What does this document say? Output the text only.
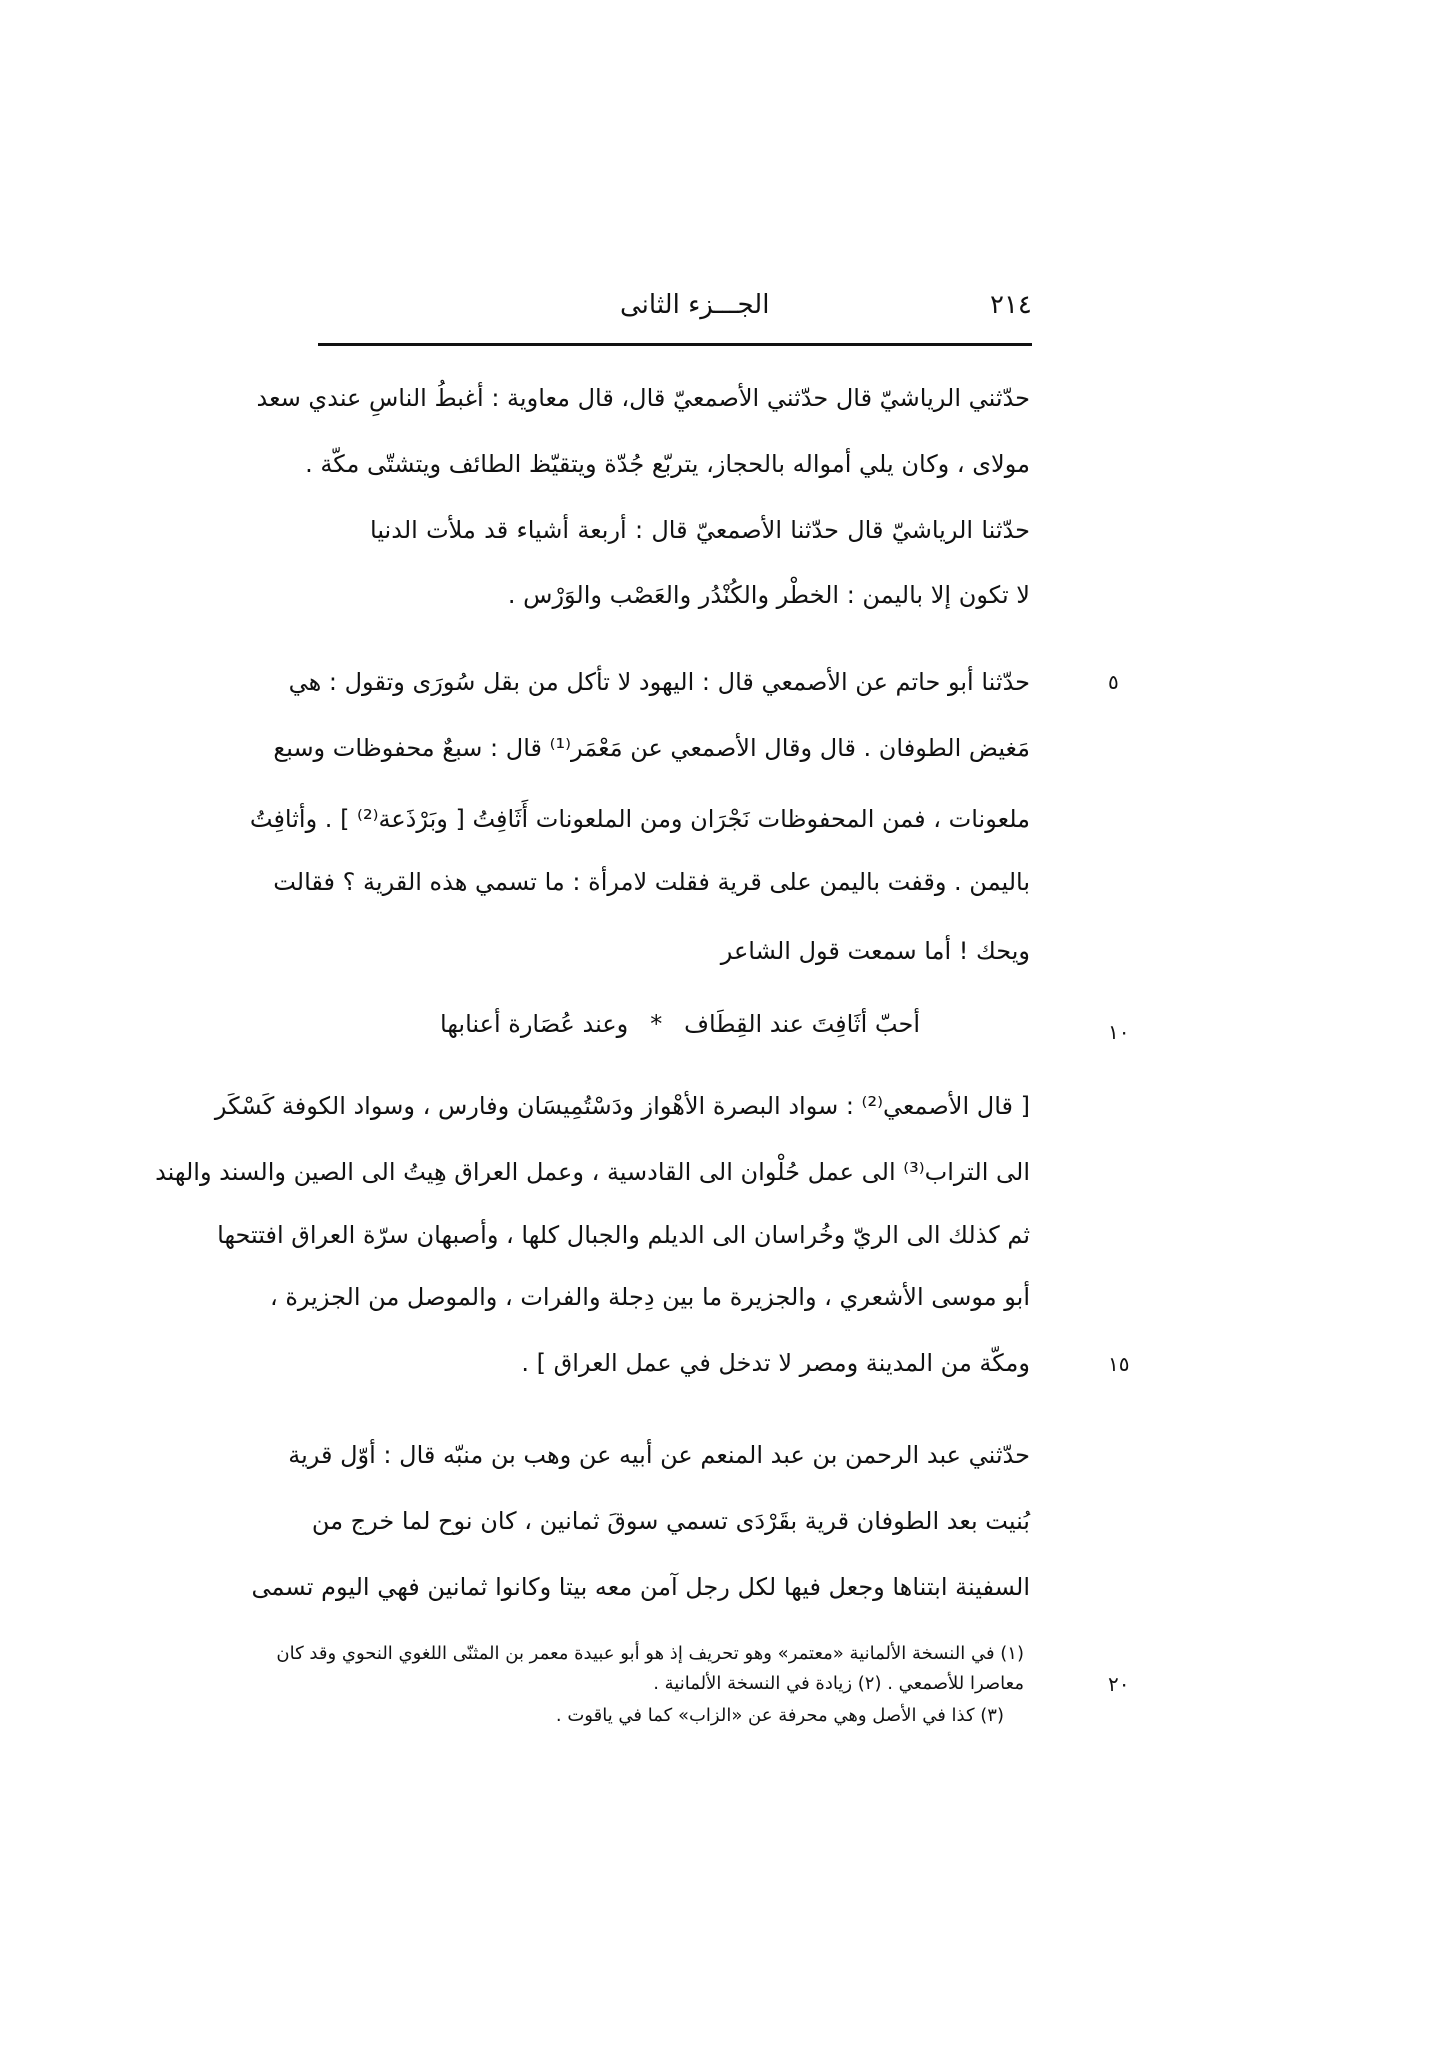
٢١٤
الجـــزء الثانى
حدّثني الرياشيّ قال حدّثني الأصمعيّ قال، قال معاوية : أغبطُ الناسِ عندي سعد
مولاى ، وكان يلي أمواله بالحجاز، يتربّع جُدّة ويتقيّظ الطائف ويتشتّى مكّة .
حدّثنا الرياشيّ قال حدّثنا الأصمعيّ قال : أربعة أشياء قد ملأت الدنيا
لا تكون إلا باليمن : الخطْر والكُنْدُر والعَصْب والوَرْس .
٥
حدّثنا أبو حاتم عن الأصمعي قال : اليهود لا تأكل من بقل سُورَى وتقول : هي
مَغيض الطوفان . قال وقال الأصمعي عن مَعْمَر⁽¹⁾ قال : سبعٌ محفوظات وسبع
ملعونات ، فمن المحفوظات نَجْرَان ومن الملعونات أَثَافِتُ [ وبَرْذَعة⁽²⁾ ] . وأثافِتُ
باليمن . وقفت باليمن على قرية فقلت لامرأة : ما تسمي هذه القرية ؟ فقالت
ويحك ! أما سمعت قول الشاعر
١٠
أحبّ أثَافِتَ عند القِطَاف
*
وعند عُصَارة أعنابها
[ قال الأصمعي⁽²⁾ : سواد البصرة الأهْواز ودَسْتُمِيسَان وفارس ، وسواد الكوفة كَسْكَر
الى التراب⁽³⁾ الى عمل حُلْوان الى القادسية ، وعمل العراق هِيتُ الى الصين والسند والهند
ثم كذلك الى الريّ وخُراسان الى الديلم والجبال كلها ، وأصبهان سرّة العراق افتتحها
أبو موسى الأشعري ، والجزيرة ما بين دِجلة والفرات ، والموصل من الجزيرة ،
١٥
ومكّة من المدينة ومصر لا تدخل في عمل العراق ] .
حدّثني عبد الرحمن بن عبد المنعم عن أبيه عن وهب بن منبّه قال : أوّل قرية
بُنيت بعد الطوفان قرية بقَرْدَى تسمي سوقَ ثمانين ، كان نوح لما خرج من
السفينة ابتناها وجعل فيها لكل رجل آمن معه بيتا وكانوا ثمانين فهي اليوم تسمى
(١) في النسخة الألمانية «معتمر» وهو تحريف إذ هو أبو عبيدة معمر بن المثنّى اللغوي النحوي وقد كان
٢٠
معاصرا للأصمعي . (٢) زيادة في النسخة الألمانية .
(٣) كذا في الأصل وهي محرفة عن «الزاب» كما في ياقوت .
